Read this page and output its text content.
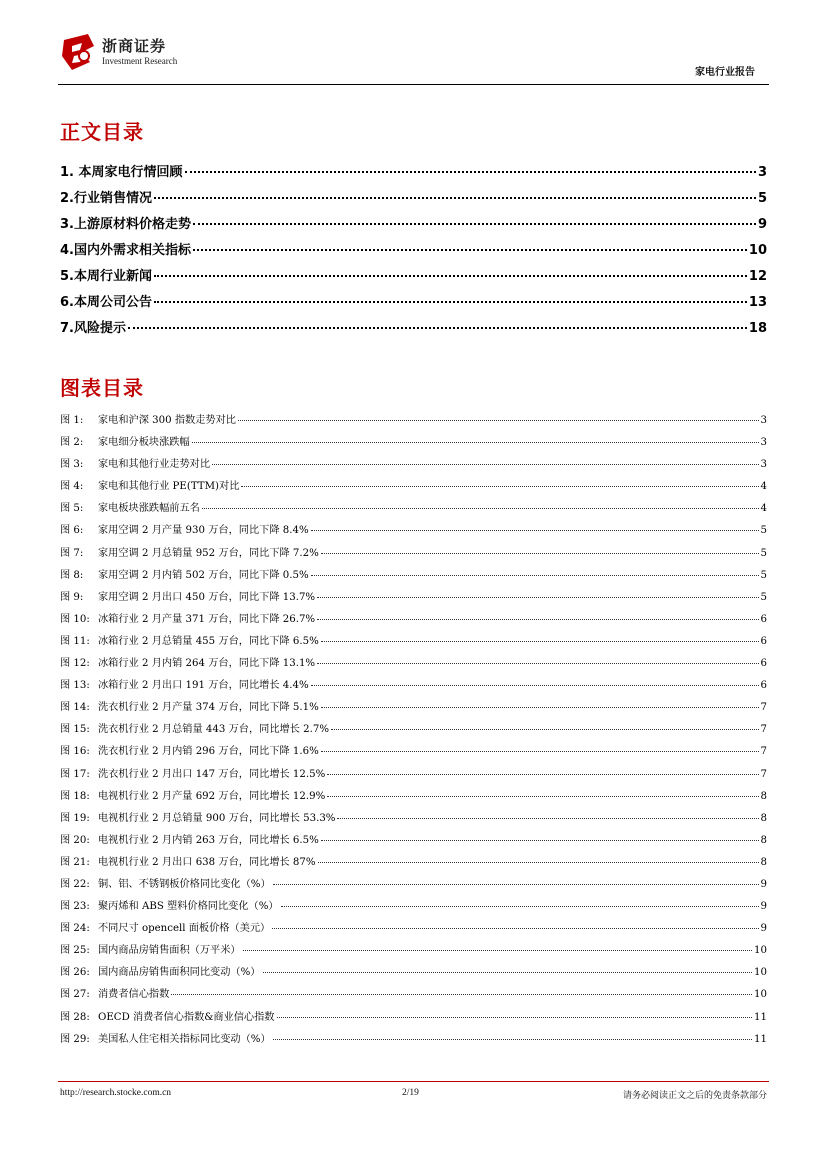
浙商证券
Investment Research
家电行业报告
正文目录
1. 本周家电行情回顾	3
2.行业销售情况	5
3.上游原材料价格走势	9
4.国内外需求相关指标	10
5.本周行业新闻	12
6.本周公司公告	13
7.风险提示	18
图表目录
图 1:	家电和沪深 300 指数走势对比	3
图 2:	家电细分板块涨跌幅	3
图 3:	家电和其他行业走势对比	3
图 4:	家电和其他行业 PE(TTM)对比	4
图 5:	家电板块涨跌幅前五名	4
图 6:	家用空调 2 月产量 930 万台，同比下降 8.4%	5
图 7:	家用空调 2 月总销量 952 万台，同比下降 7.2%	5
图 8:	家用空调 2 月内销 502 万台，同比下降 0.5%	5
图 9:	家用空调 2 月出口 450 万台，同比下降 13.7%	5
图 10: 冰箱行业 2 月产量 371 万台，同比下降 26.7%	6
图 11: 冰箱行业 2 月总销量 455 万台，同比下降 6.5%	6
图 12: 冰箱行业 2 月内销 264 万台，同比下降 13.1%	6
图 13: 冰箱行业 2 月出口 191 万台，同比增长 4.4%	6
图 14: 洗衣机行业 2 月产量 374 万台，同比下降 5.1%	7
图 15: 洗衣机行业 2 月总销量 443 万台，同比增长 2.7%	7
图 16: 洗衣机行业 2 月内销 296 万台，同比下降 1.6%	7
图 17: 洗衣机行业 2 月出口 147 万台，同比增长 12.5%	7
图 18: 电视机行业 2 月产量 692 万台，同比增长 12.9%	8
图 19: 电视机行业 2 月总销量 900 万台，同比增长 53.3%	8
图 20: 电视机行业 2 月内销 263 万台，同比增长 6.5%	8
图 21: 电视机行业 2 月出口 638 万台，同比增长 87%	8
图 22: 铜、铝、不锈钢板价格同比变化（%）	9
图 23: 聚丙烯和 ABS 塑料价格同比变化（%）	9
图 24: 不同尺寸 opencell 面板价格（美元）	9
图 25: 国内商品房销售面积（万平米）	10
图 26: 国内商品房销售面积同比变动（%）	10
图 27: 消费者信心指数	10
图 28: OECD 消费者信心指数&商业信心指数	11
图 29: 美国私人住宅相关指标同比变动（%）	11
http://research.stocke.com.cn	2/19	请务必阅读正文之后的免责条款部分
